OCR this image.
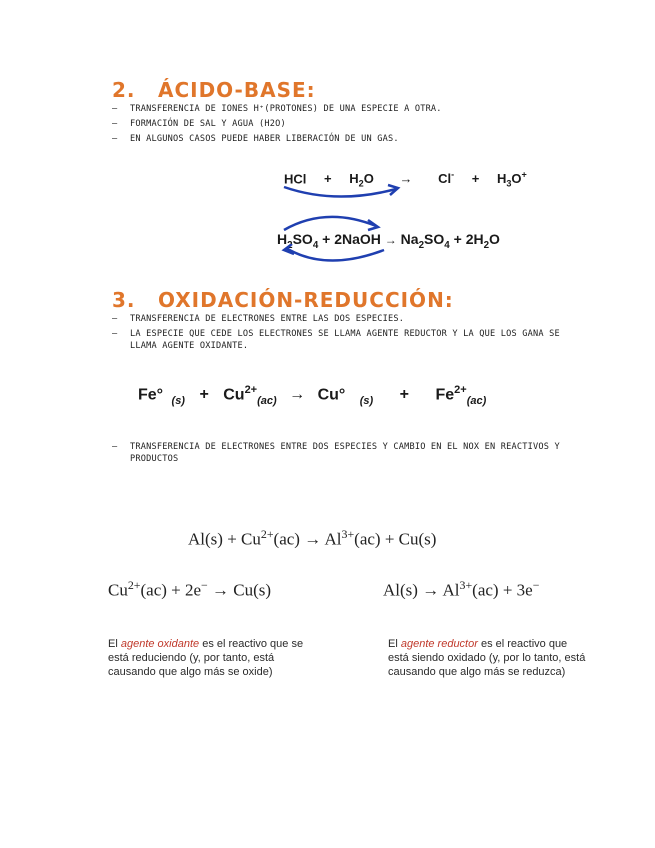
2. ÁCIDO-BASE:
– TRANSFERENCIA DE IONES H⁺(PROTONES) DE UNA ESPECIE A OTRA.
– FORMACIÓN DE SAL Y AGUA (H2O)
– EN ALGUNOS CASOS PUEDE HABER LIBERACIÓN DE UN GAS.
HCl + $H_2O \to Cl^- + H_3O^+$
$H_2SO_4$ + 2NaOH → $Na_2SO_4 + 2H_2O$
3. OXIDACIÓN-REDUCCIÓN:
– TRANSFERENCIA DE ELECTRONES ENTRE LAS DOS ESPECIES.
– LA ESPECIE QUE CEDE LOS ELECTRONES SE LLAMA AGENTE REDUCTOR Y LA QUE LOS GANA SE LLAMA AGENTE OXIDANTE.
Fe° $_{(s)} + Cu^{2+}_{(ac)} \to Cu^\circ$ $_{(s)} + Fe^{2+}_{(ac)}$
– TRANSFERENCIA DE ELECTRONES ENTRE DOS ESPECIES Y CAMBIO EN EL NOX EN REACTIVOS Y PRODUCTOS
$Al(s) + Cu^{2+}(ac) \to Al^{3+}(ac) + Cu(s)$
$Cu^{2+}(ac) + 2e^- \to Cu(s)$	$Al(s) \to Al^{3+}(ac) + 3e^-$
El agente oxidante es el reactivo que se está reduciendo (y, por tanto, está causando que algo más se oxide)
El agente reductor es el reactivo que está siendo oxidado (y, por lo tanto, está causando que algo más se reduzca)
